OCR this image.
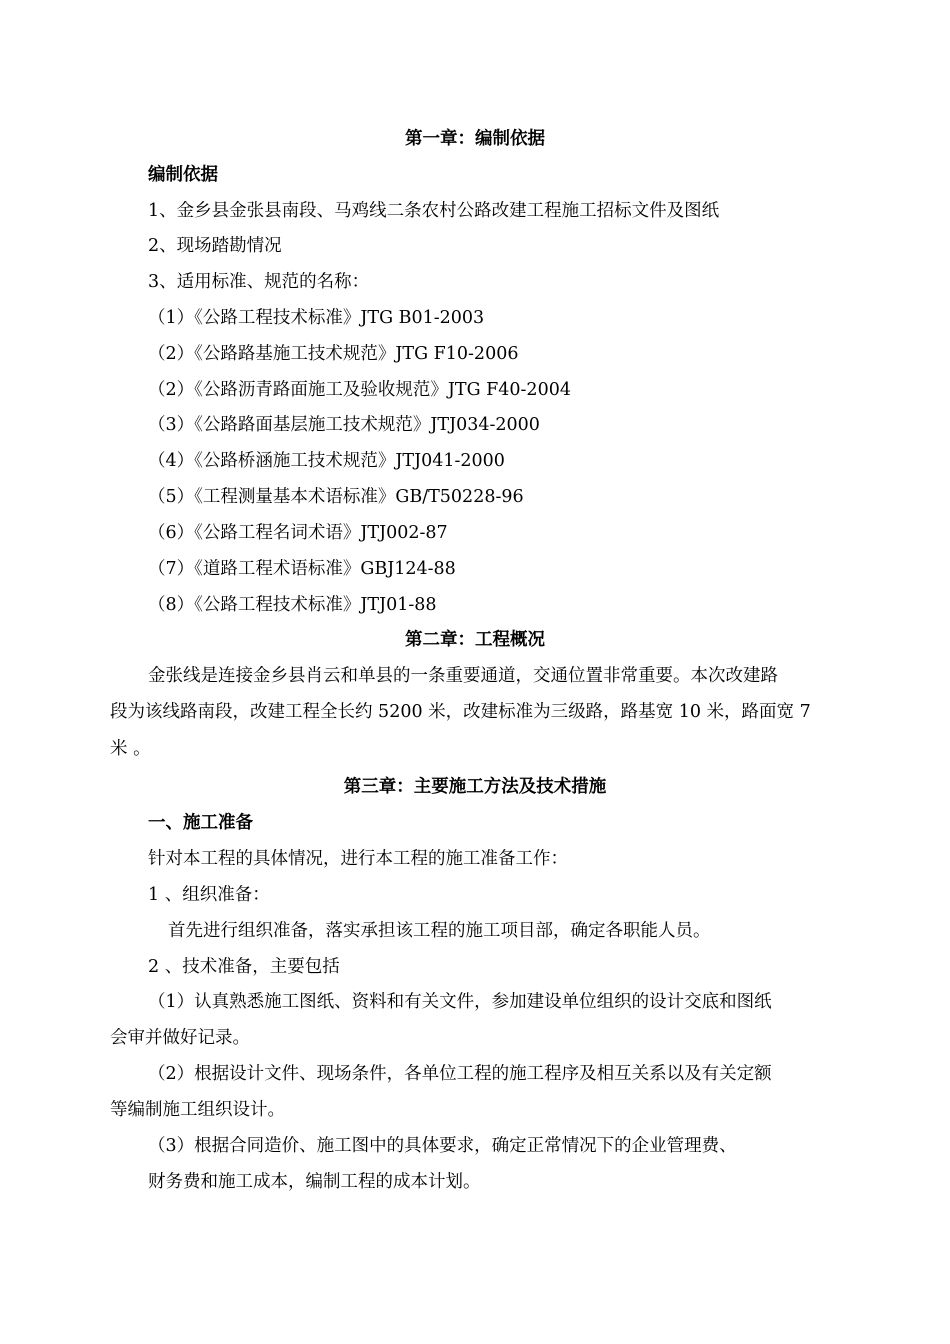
第一章：编制依据
编制依据
1、金乡县金张县南段、马鸡线二条农村公路改建工程施工招标文件及图纸
2、现场踏勘情况
3、适用标准、规范的名称：
（1）《公路工程技术标准》JTG B01-2003
（2）《公路路基施工技术规范》JTG F10-2006
（2）《公路沥青路面施工及验收规范》JTG F40-2004
（3）《公路路面基层施工技术规范》JTJ034-2000
（4）《公路桥涵施工技术规范》JTJ041-2000
（5）《工程测量基本术语标准》GB/T50228-96
（6）《公路工程名词术语》JTJ002-87
（7）《道路工程术语标准》GBJ124-88
（8）《公路工程技术标准》JTJ01-88
第二章：工程概况
金张线是连接金乡县肖云和单县的一条重要通道，交通位置非常重要。本次改建路
段为该线路南段，改建工程全长约 5200 米，改建标准为三级路，路基宽 10 米，路面宽 7
米 。
第三章：主要施工方法及技术措施
一、施工准备
针对本工程的具体情况，进行本工程的施工准备工作：
1 、组织准备：
首先进行组织准备，落实承担该工程的施工项目部，确定各职能人员。
2 、技术准备，主要包括
（1）认真熟悉施工图纸、资料和有关文件，参加建设单位组织的设计交底和图纸
会审并做好记录。
（2）根据设计文件、现场条件，各单位工程的施工程序及相互关系以及有关定额
等编制施工组织设计。
（3）根据合同造价、施工图中的具体要求，确定正常情况下的企业管理费、
财务费和施工成本，编制工程的成本计划。
